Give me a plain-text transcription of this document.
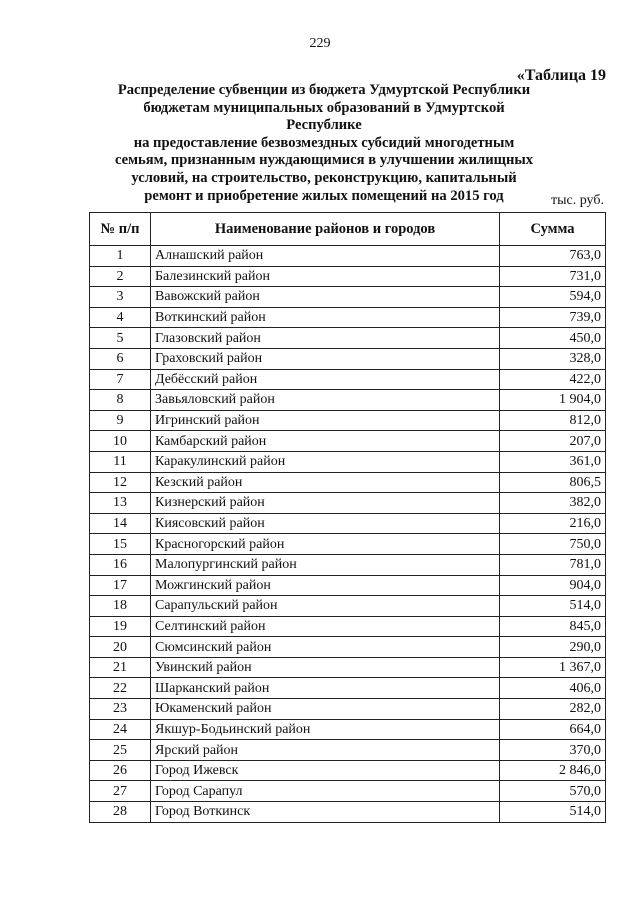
229
«Таблица 19
Распределение субвенции из бюджета Удмуртской Республики
бюджетам муниципальных образований в Удмуртской Республике
на предоставление безвозмездных субсидий многодетным
семьям, признанным нуждающимися в улучшении жилищных
условий, на строительство, реконструкцию, капитальный
ремонт и приобретение жилых помещений на 2015 год	тыс. руб.
№ п/п	Наименование районов и городов	Сумма
1	Алнашский район	763,0
2	Балезинский район	731,0
3	Вавожский район	594,0
4	Воткинский район	739,0
5	Глазовский район	450,0
6	Граховский район	328,0
7	Дебёсский район	422,0
8	Завьяловский район	1 904,0
9	Игринский район	812,0
10	Камбарский район	207,0
11	Каракулинский район	361,0
12	Кезский район	806,5
13	Кизнерский район	382,0
14	Киясовский район	216,0
15	Красногорский район	750,0
16	Малопургинский район	781,0
17	Можгинский район	904,0
18	Сарапульский район	514,0
19	Селтинский район	845,0
20	Сюмсинский район	290,0
21	Увинский район	1 367,0
22	Шарканский район	406,0
23	Юкаменский район	282,0
24	Якшур-Бодьинский район	664,0
25	Ярский район	370,0
26	Город Ижевск	2 846,0
27	Город Сарапул	570,0
28	Город Воткинск	514,0
